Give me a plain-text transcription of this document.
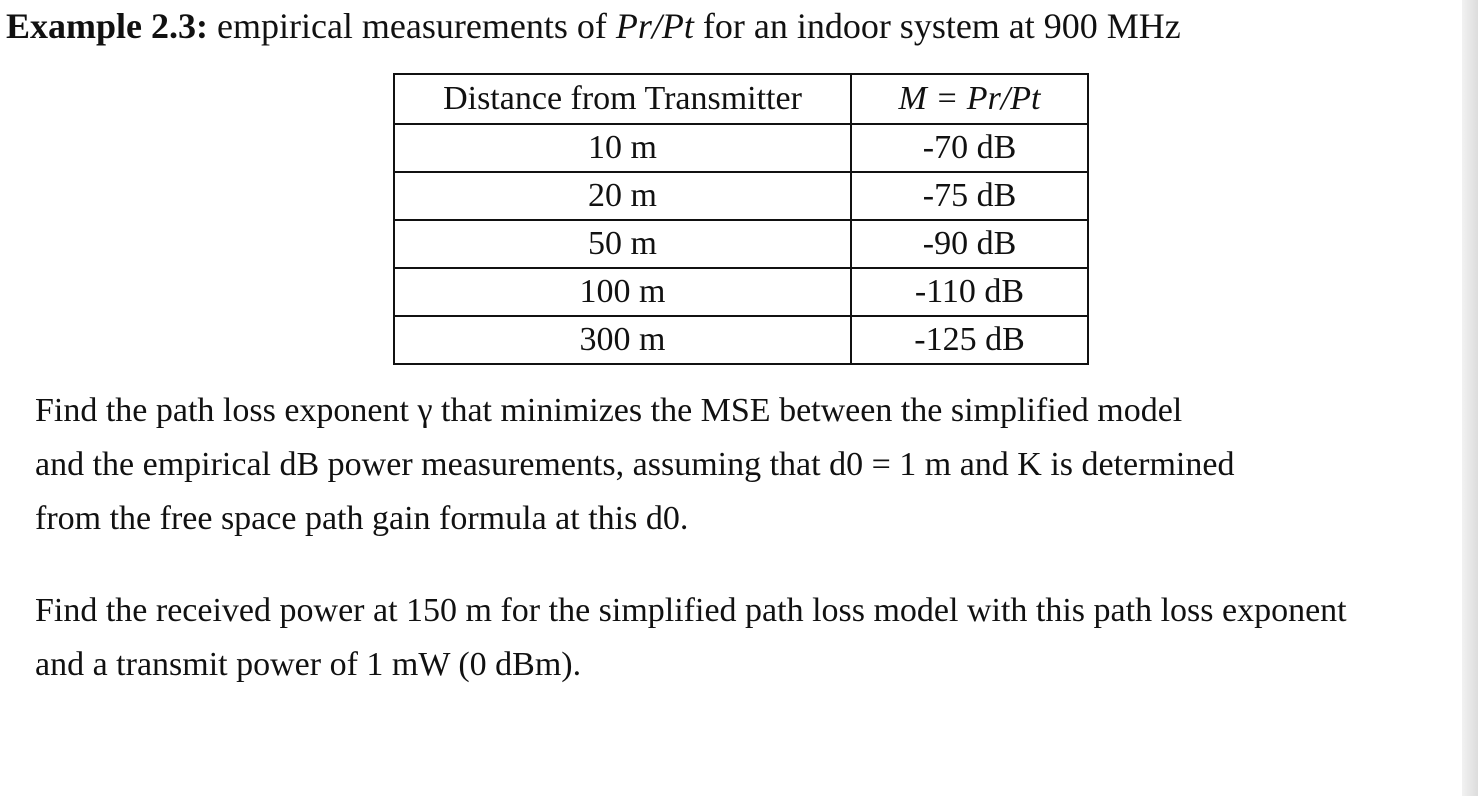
Example 2.3: empirical measurements of Pr/Pt for an indoor system at 900 MHz
Distance from Transmitter	M = Pr/Pt
10 m	-70 dB
20 m	-75 dB
50 m	-90 dB
100 m	-110 dB
300 m	-125 dB
Find the path loss exponent γ that minimizes the MSE between the simplified model
and the empirical dB power measurements, assuming that d0 = 1 m and K is determined
from the free space path gain formula at this d0.
Find the received power at 150 m for the simplified path loss model with this path loss exponent
and a transmit power of 1 mW (0 dBm).
